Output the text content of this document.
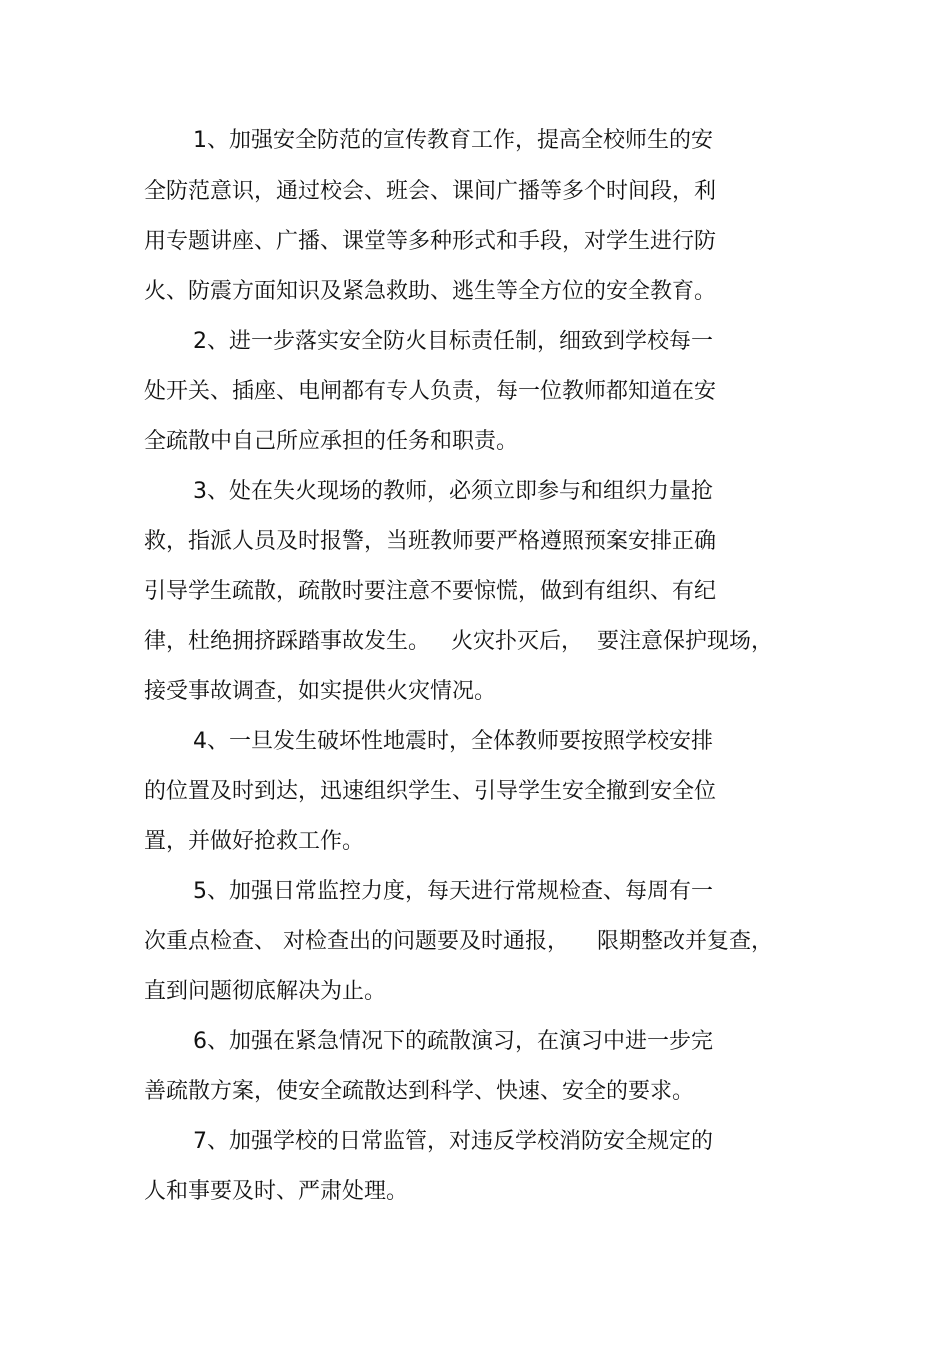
1、加强安全防范的宣传教育工作，提高全校师生的安
全防范意识，通过校会、班会、课间广播等多个时间段，利
用专题讲座、广播、课堂等多种形式和手段，对学生进行防
火、防震方面知识及紧急救助、逃生等全方位的安全教育。
2、进一步落实安全防火目标责任制，细致到学校每一
处开关、插座、电闸都有专人负责，每一位教师都知道在安
全疏散中自己所应承担的任务和职责。
3、处在失火现场的教师，必须立即参与和组织力量抢
救，指派人员及时报警，当班教师要严格遵照预案安排正确
引导学生疏散，疏散时要注意不要惊慌，做到有组织、有纪
律，杜绝拥挤踩踏事故发生。   火灾扑灭后，  要注意保护现场，
接受事故调查，如实提供火灾情况。
4、一旦发生破坏性地震时，全体教师要按照学校安排
的位置及时到达，迅速组织学生、引导学生安全撤到安全位
置，并做好抢救工作。
5、加强日常监控力度，每天进行常规检查、每周有一
次重点检查、 对检查出的问题要及时通报，    限期整改并复查，
直到问题彻底解决为止。
6、加强在紧急情况下的疏散演习，在演习中进一步完
善疏散方案，使安全疏散达到科学、快速、安全的要求。
7、加强学校的日常监管，对违反学校消防安全规定的
人和事要及时、严肃处理。
